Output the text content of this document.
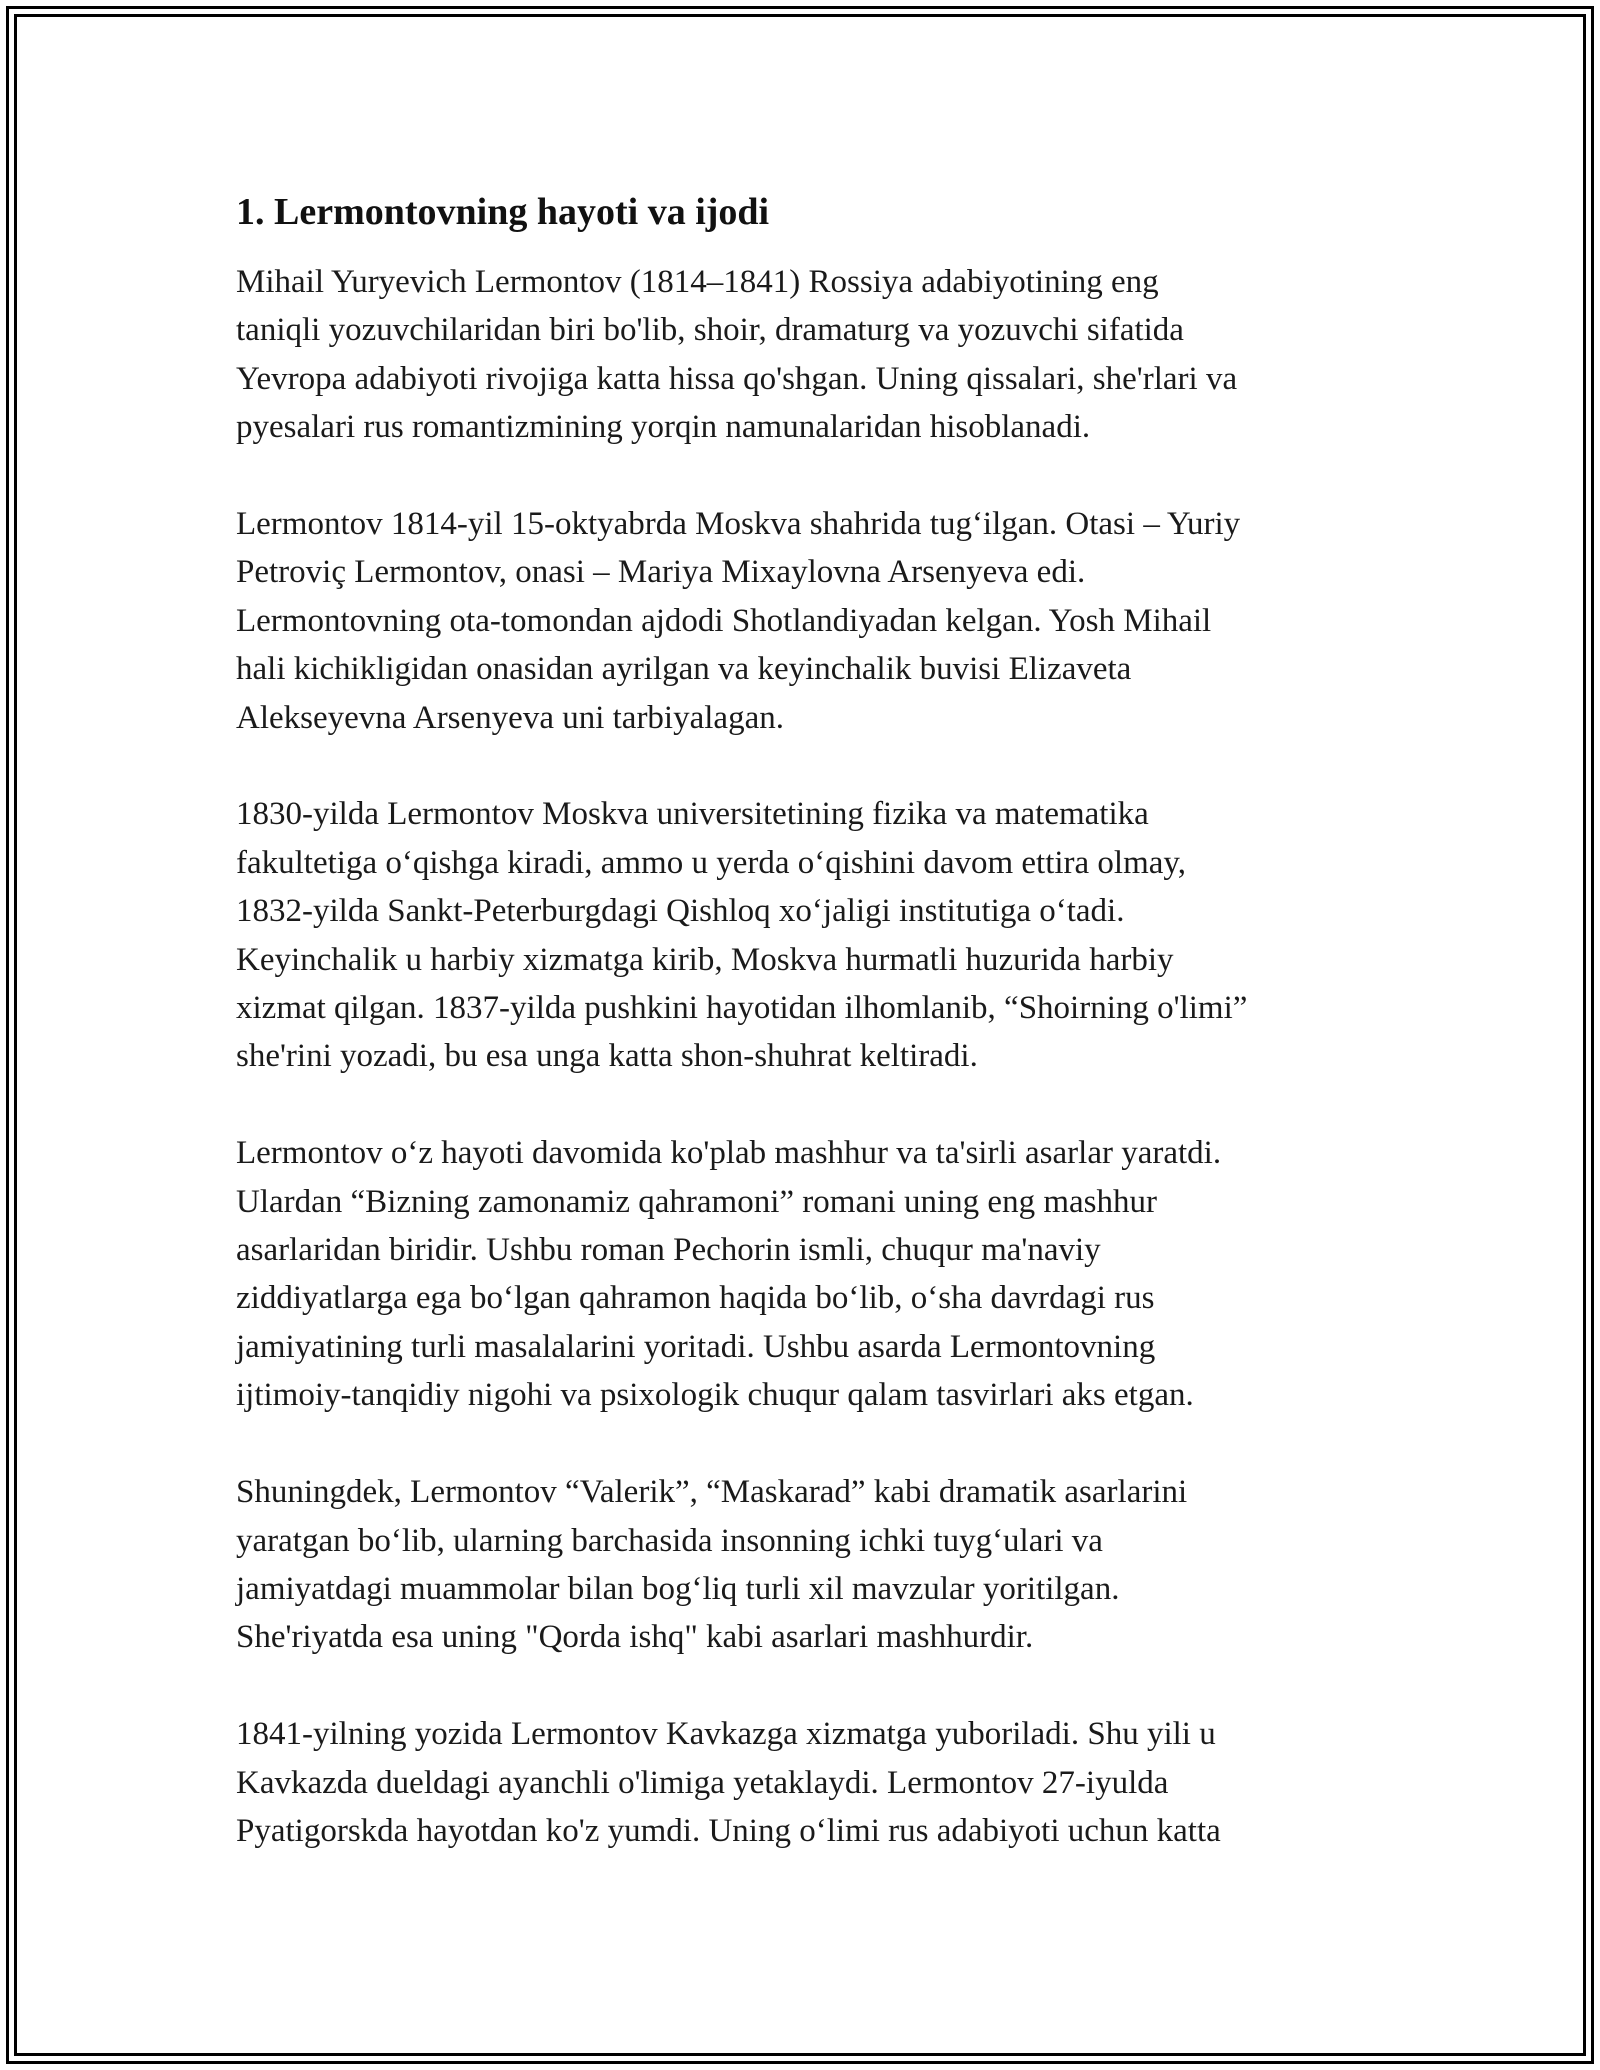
1. Lermontovning hayoti va ijodi

Mihail Yuryevich Lermontov (1814–1841) Rossiya adabiyotining eng
taniqli yozuvchilaridan biri bo'lib, shoir, dramaturg va yozuvchi sifatida
Yevropa adabiyoti rivojiga katta hissa qo'shgan. Uning qissalari, she'rlari va
pyesalari rus romantizmining yorqin namunalaridan hisoblanadi.

Lermontov 1814-yil 15-oktyabrda Moskva shahrida tug‘ilgan. Otasi – Yuriy
Petroviç Lermontov, onasi – Mariya Mixaylovna Arsenyeva edi.
Lermontovning ota-tomondan ajdodi Shotlandiyadan kelgan. Yosh Mihail
hali kichikligidan onasidan ayrilgan va keyinchalik buvisi Elizaveta
Alekseyevna Arsenyeva uni tarbiyalagan.

1830-yilda Lermontov Moskva universitetining fizika va matematika
fakultetiga o‘qishga kiradi, ammo u yerda o‘qishini davom ettira olmay,
1832-yilda Sankt-Peterburgdagi Qishloq xo‘jaligi institutiga o‘tadi.
Keyinchalik u harbiy xizmatga kirib, Moskva hurmatli huzurida harbiy
xizmat qilgan. 1837-yilda pushkini hayotidan ilhomlanib, “Shoirning o'limi”
she'rini yozadi, bu esa unga katta shon-shuhrat keltiradi.

Lermontov o‘z hayoti davomida ko'plab mashhur va ta'sirli asarlar yaratdi.
Ulardan “Bizning zamonamiz qahramoni” romani uning eng mashhur
asarlaridan biridir. Ushbu roman Pechorin ismli, chuqur ma'naviy
ziddiyatlarga ega bo‘lgan qahramon haqida bo‘lib, o‘sha davrdagi rus
jamiyatining turli masalalarini yoritadi. Ushbu asarda Lermontovning
ijtimoiy-tanqidiy nigohi va psixologik chuqur qalam tasvirlari aks etgan.

Shuningdek, Lermontov “Valerik”, “Maskarad” kabi dramatik asarlarini
yaratgan bo‘lib, ularning barchasida insonning ichki tuyg‘ulari va
jamiyatdagi muammolar bilan bog‘liq turli xil mavzular yoritilgan.
She'riyatda esa uning "Qorda ishq" kabi asarlari mashhurdir.

1841-yilning yozida Lermontov Kavkazga xizmatga yuboriladi. Shu yili u
Kavkazda dueldagi ayanchli o'limiga yetaklaydi. Lermontov 27-iyulda
Pyatigorskda hayotdan ko'z yumdi. Uning o‘limi rus adabiyoti uchun katta
